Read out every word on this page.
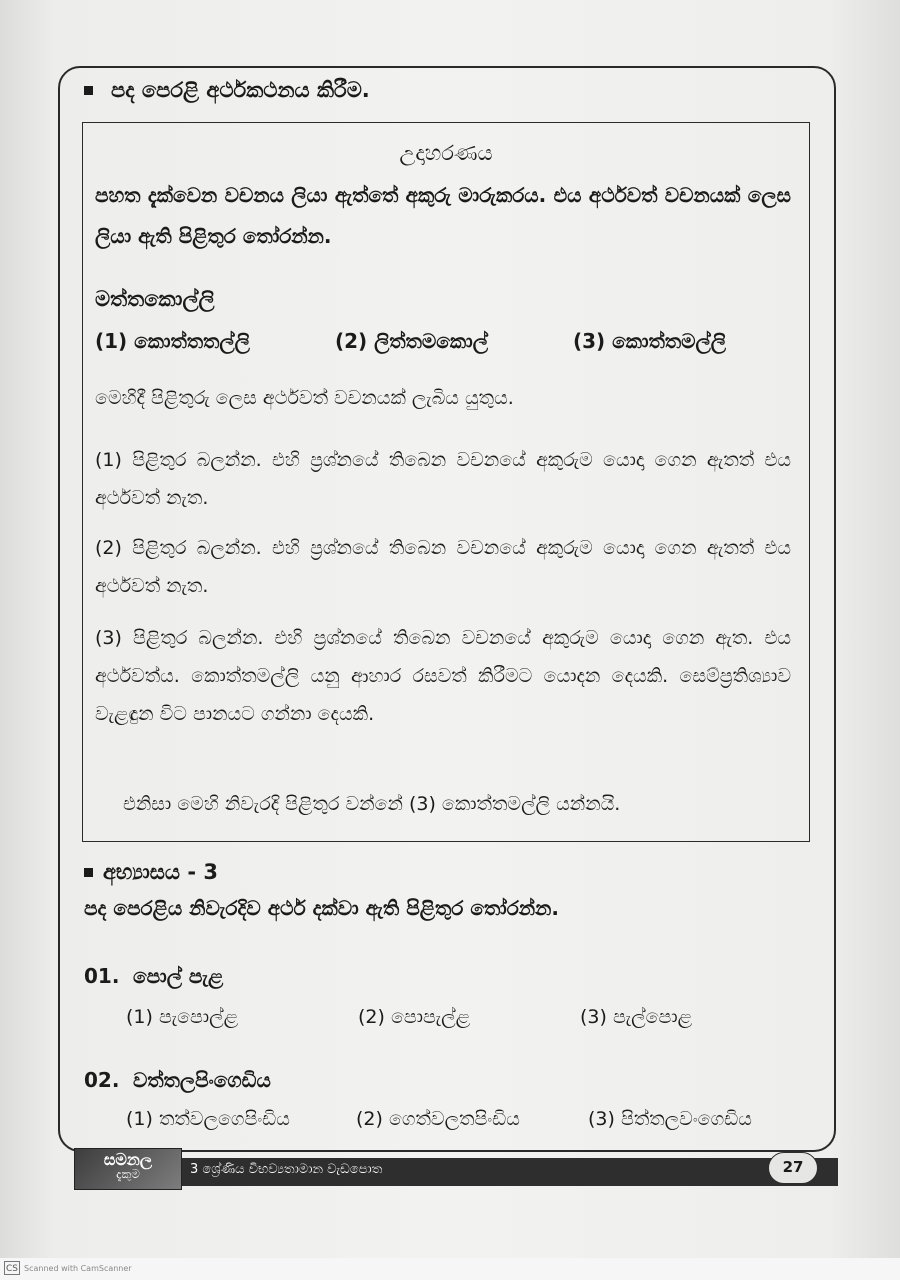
පද පෙරළි අර්ථකථනය කිරීම.
උදාහරණය
පහත දැක්වෙන වචනය ලියා ඇත්තේ අකුරු මාරුකරය. එය අර්ථවත් වචනයක් ලෙස ලියා ඇති පිළිතුර තෝරන්න.
මත්තකොල්ලි
(1) කොත්තතල්ලි	(2) ලිත්තමකොල්	(3) කොත්තමල්ලි
මෙහිදී පිළිතුරු ලෙස අර්ථවත් වචනයක් ලැබිය යුතුය.
(1) පිළිතුර බලන්න. එහි ප්‍රශ්නයේ තිබෙන වචනයේ අකුරුම යොදා ගෙන ඇතත් එය අර්ථවත් නැත.
(2) පිළිතුර බලන්න. එහි ප්‍රශ්නයේ තිබෙන වචනයේ අකුරුම යොදා ගෙන ඇතත් එය අර්ථවත් නැත.
(3) පිළිතුර බලන්න. එහි ප්‍රශ්නයේ තිබෙන වචනයේ අකුරුම යොදා ගෙන ඇත. එය අර්ථවත්ය. කොත්තමල්ලි යනු ආහාර රසවත් කිරීමට යොදන දෙයකි. සෙම්ප්‍රතිශ්‍යාව වැළඳුන විට පානයට ගන්නා දෙයකි.
එනිසා මෙහි නිවැරදි පිළිතුර වන්නේ (3) කොත්තමල්ලි යන්නයි.
අභ්‍යාසය - 3
පද පෙරළිය නිවැරදිව අර්ථ දක්වා ඇති පිළිතුර තෝරන්න.
01. පොල් පැළ
(1) පැපොල්ළ	(2) පොපැල්ළ	(3) පැල්පොළ
02. වත්තලපිංගෙඩිය
(1) තත්වලගෙපිංඩිය	(2) ගෙත්වලතපිංඩිය	(3) පිත්තලවංගෙඩිය
සමනල
දැකුම	3 ශ්‍රේණිය විභව්‍යතාමාන වැඩපොත	27
CS Scanned with CamScanner
